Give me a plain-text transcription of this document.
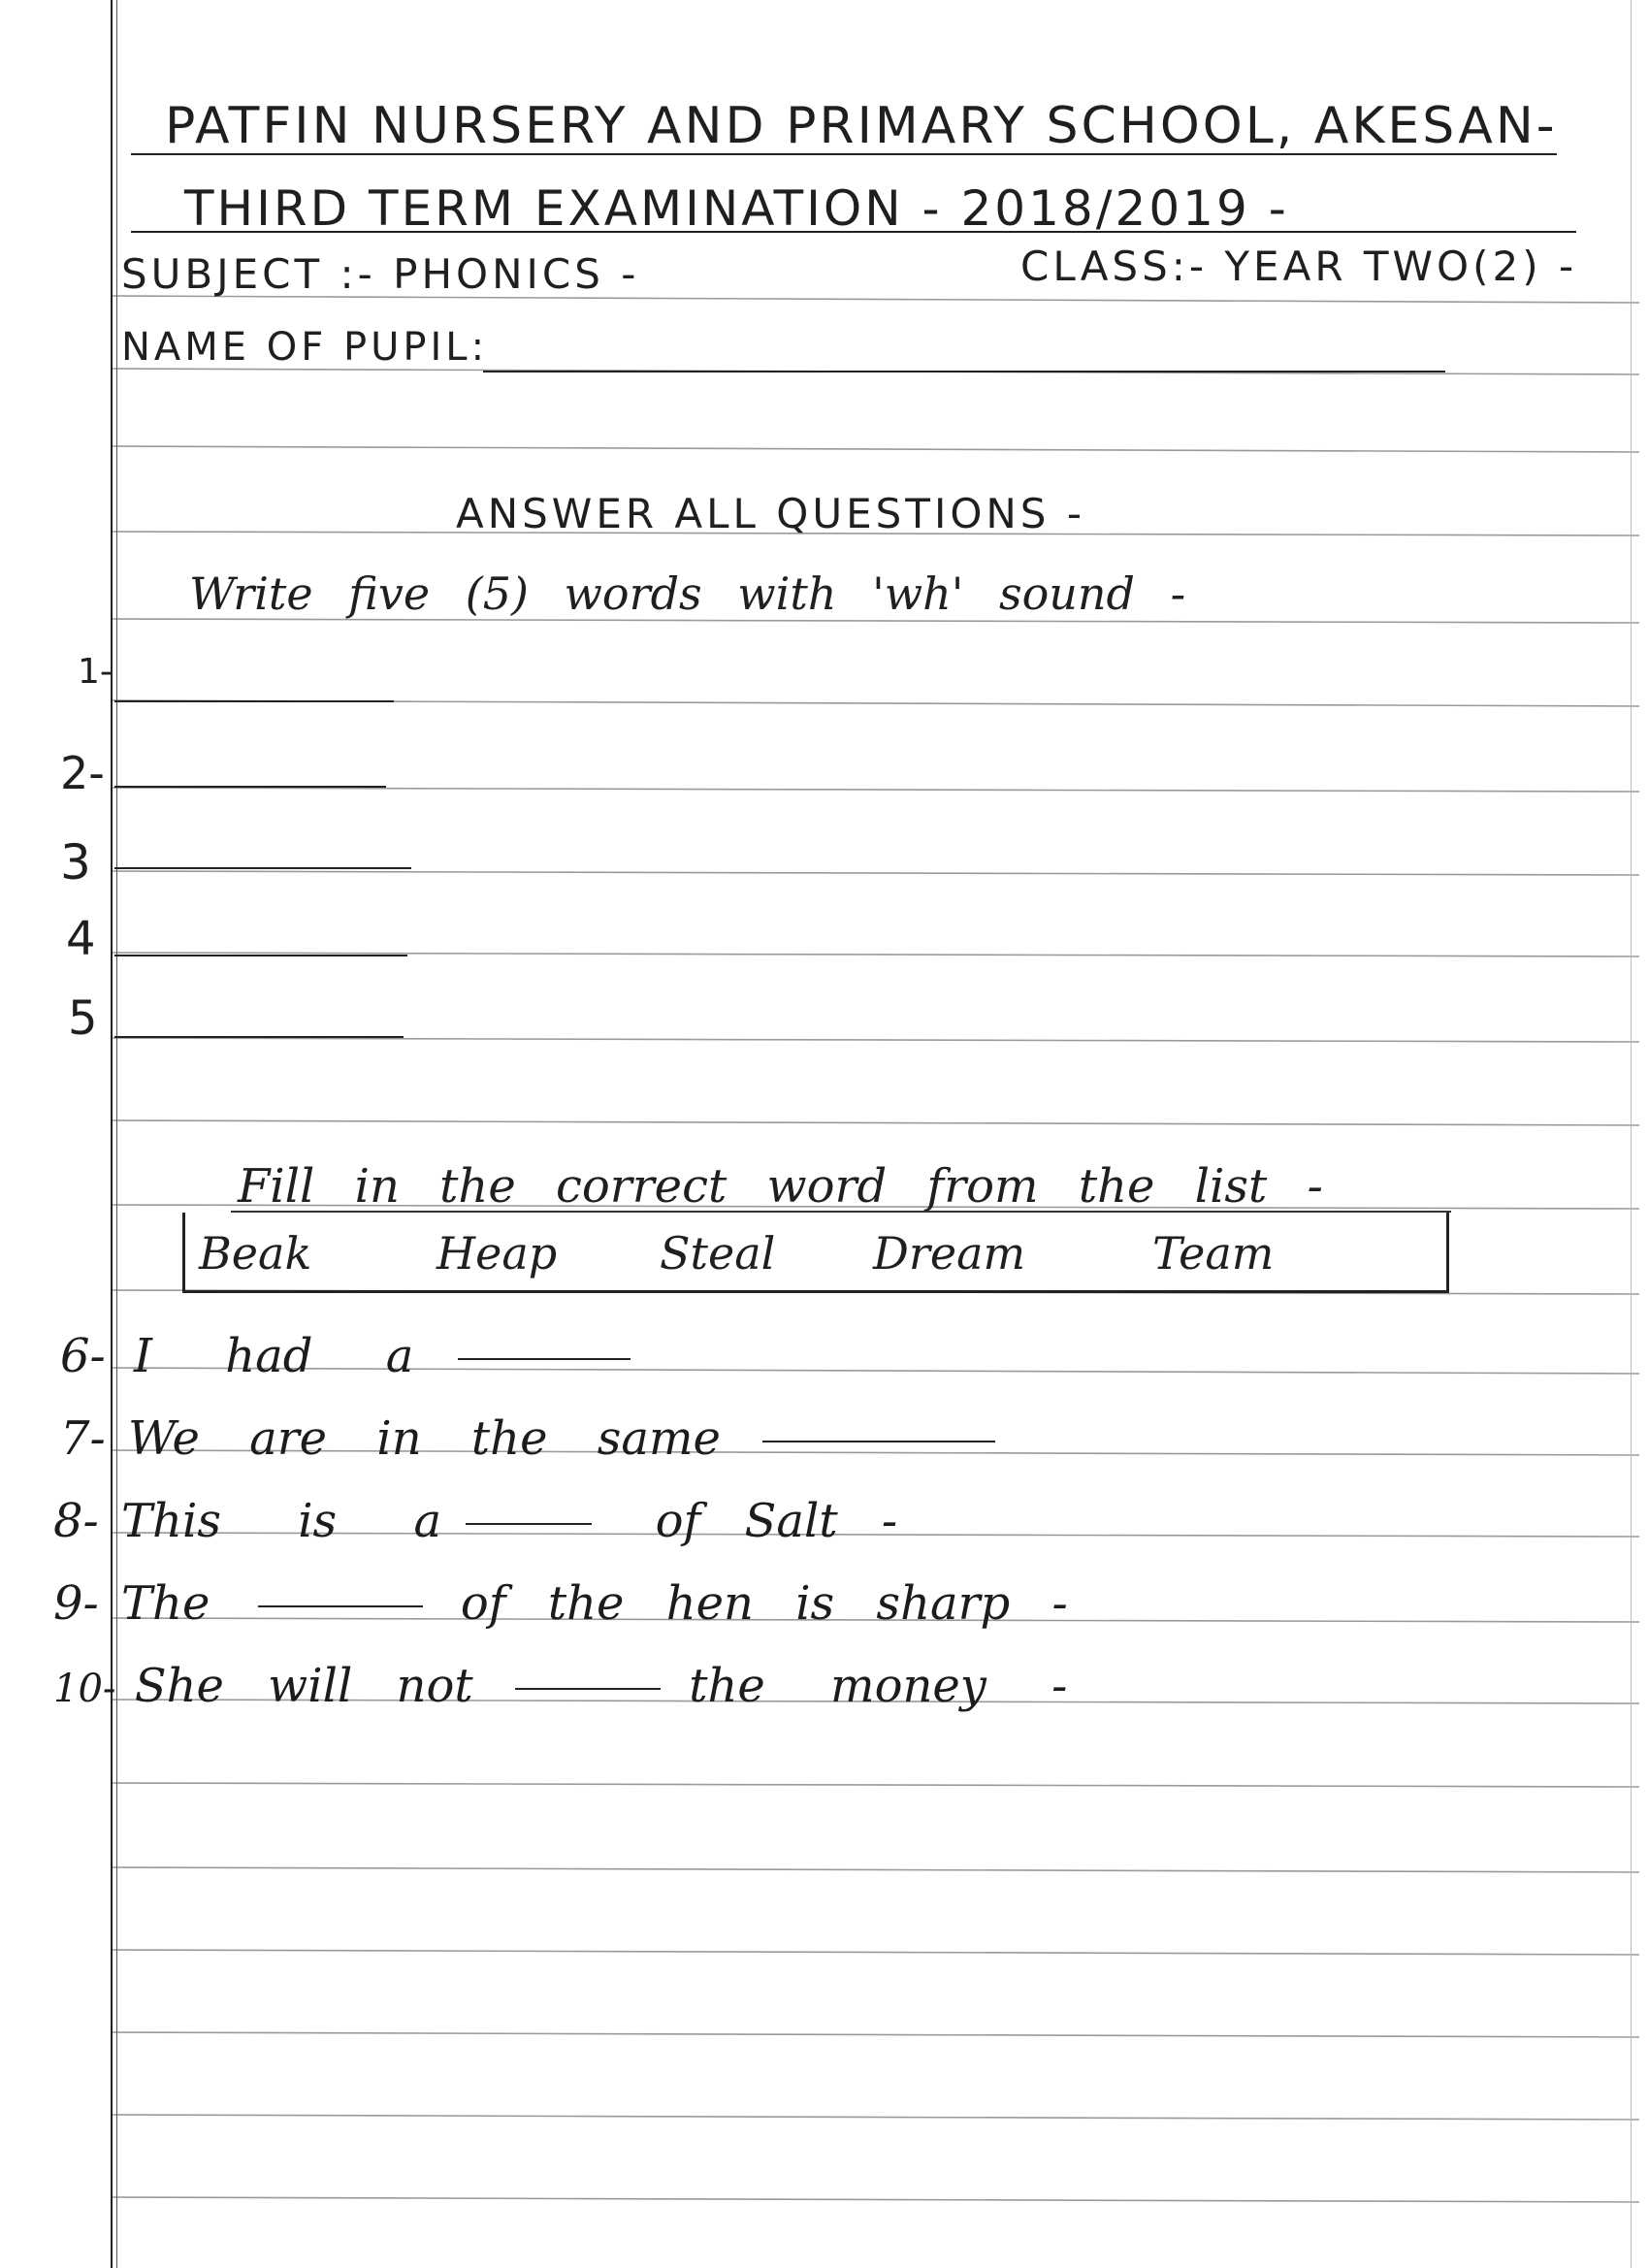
PATFIN NURSERY AND PRIMARY SCHOOL, AKESAN-
THIRD TERM EXAMINATION - 2018/2019 -
SUBJECT :- PHONICS -	CLASS:- YEAR TWO(2) -
NAME OF PUPIL:
ANSWER ALL QUESTIONS -
Write five (5) words with 'wh' sound -
1-
2-
3
4
5
Fill in the correct word from the list -
Beak	Heap Steal Dream	Team
6- I had a
7- We are in the same
8- This is a	of Salt -
9- The	of the hen is sharp -
10- She will not	the money -
